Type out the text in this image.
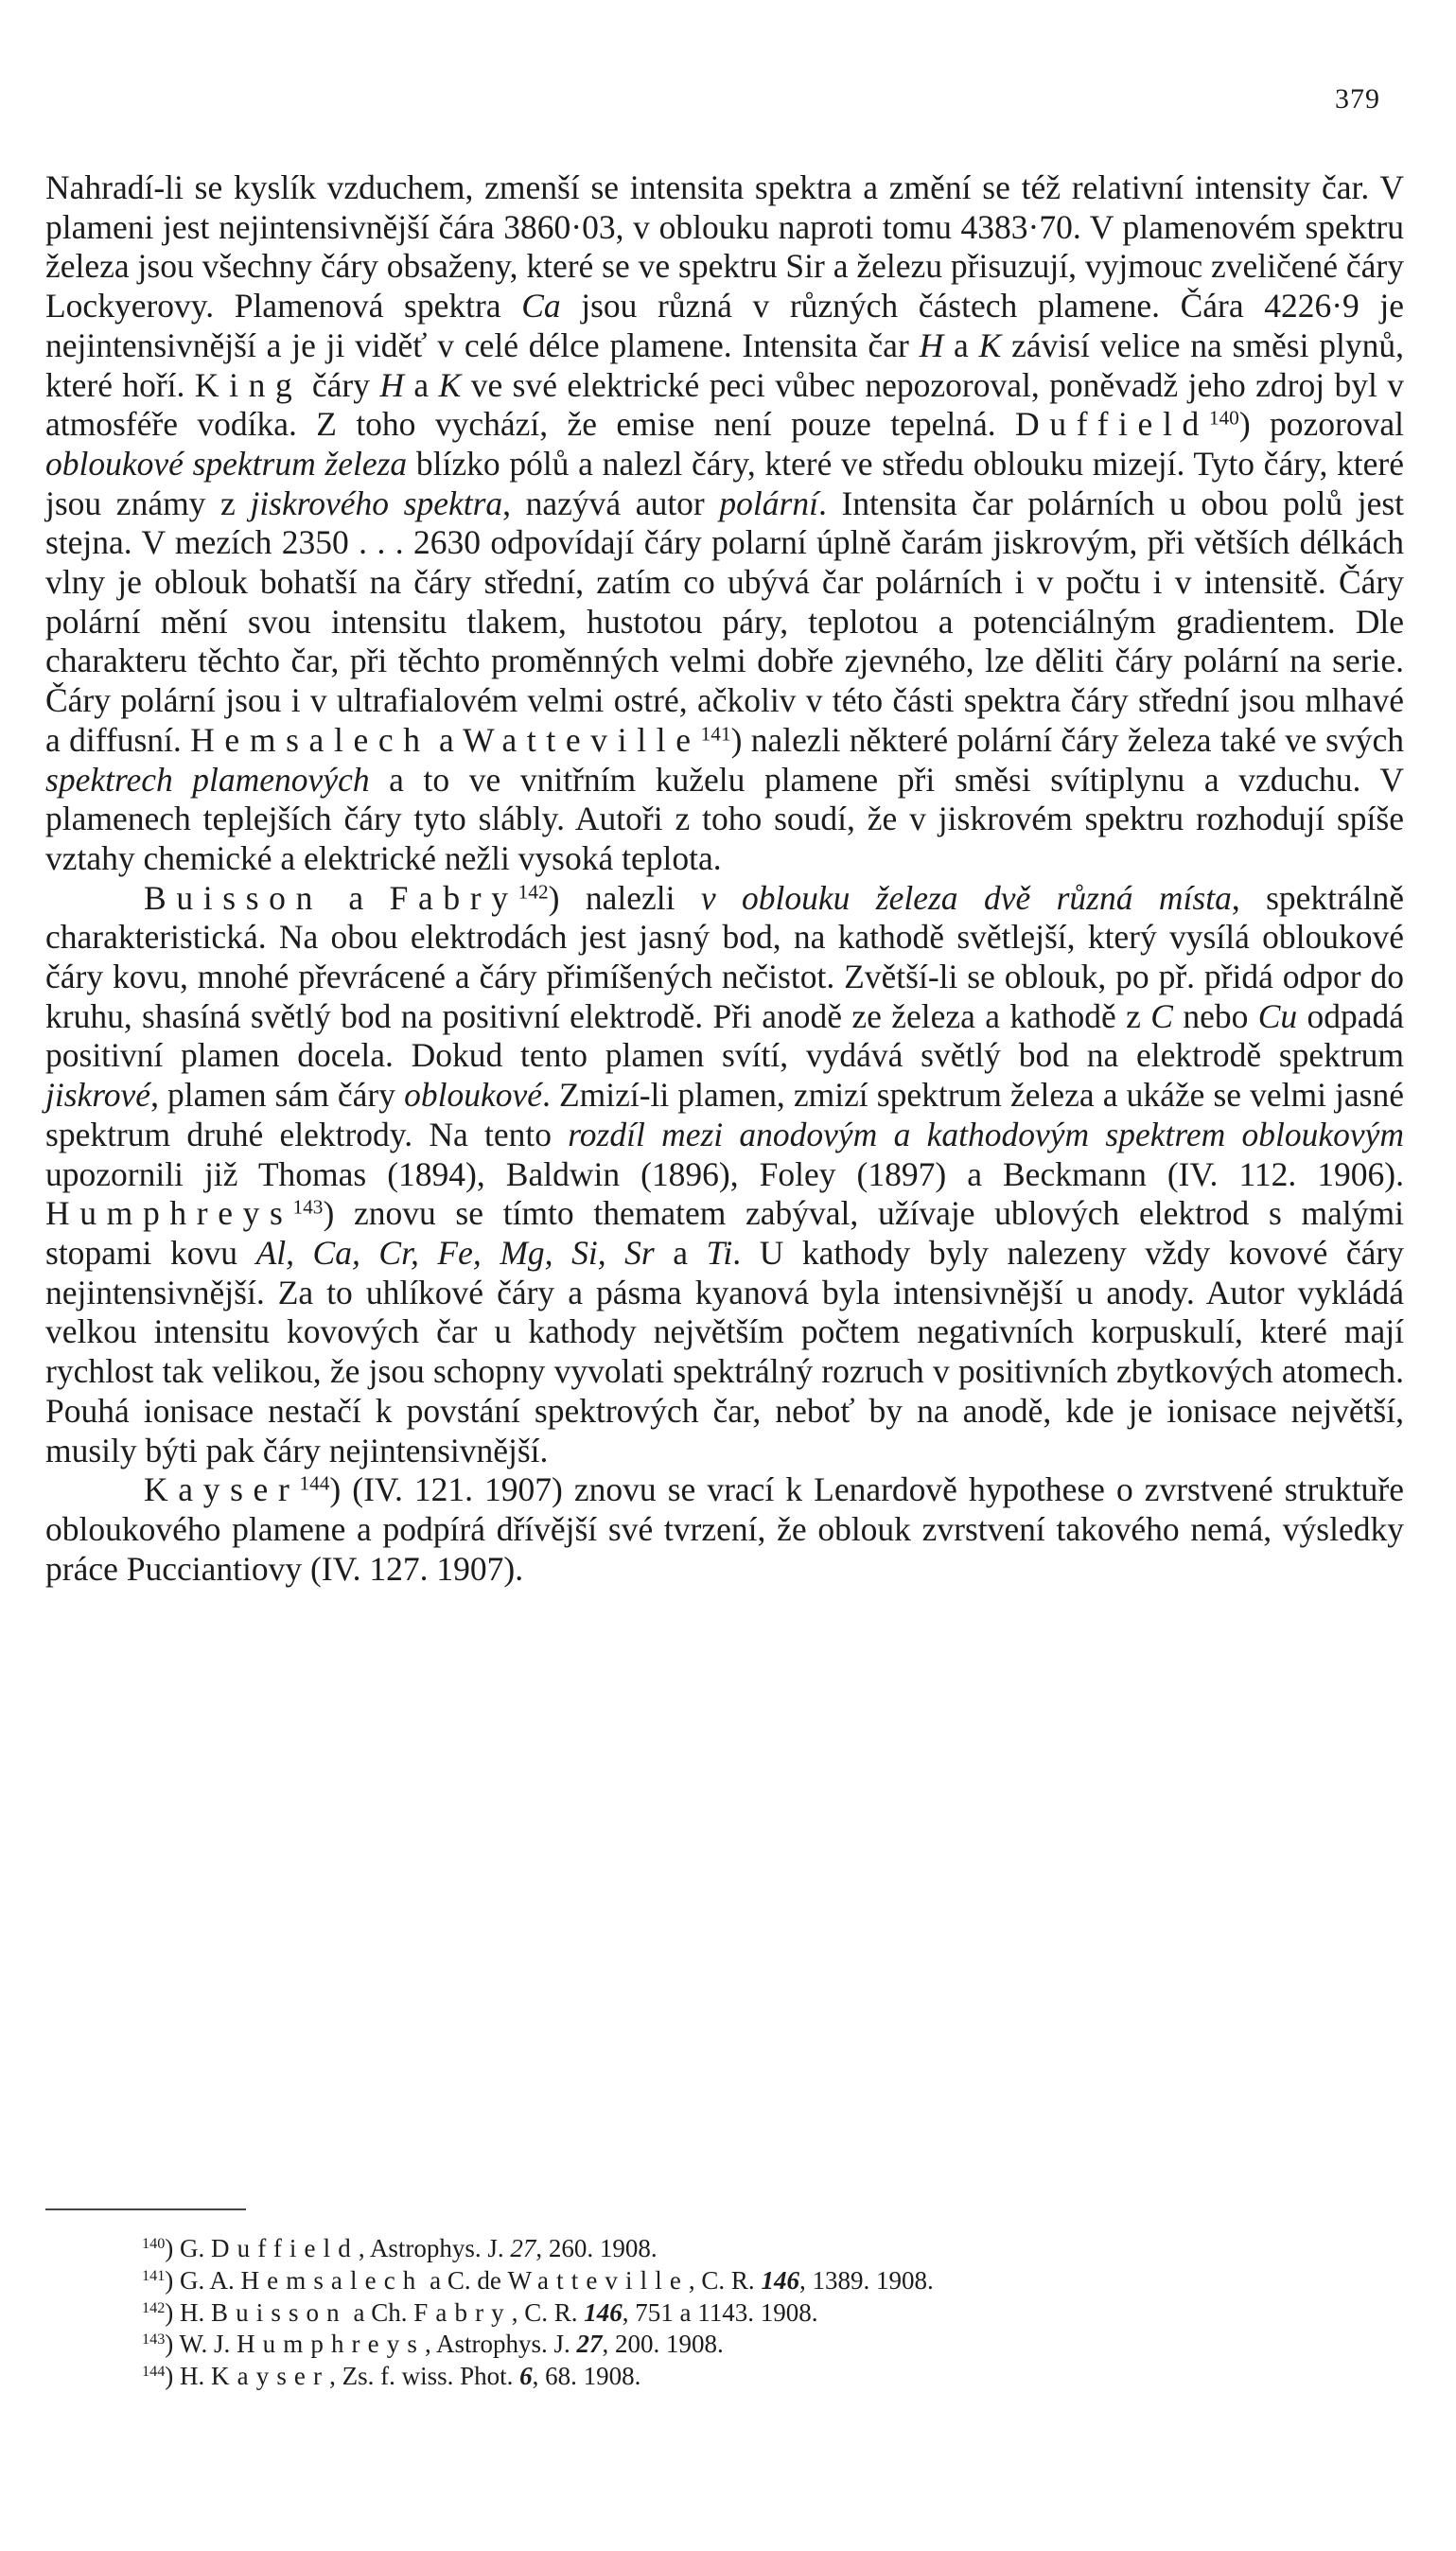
379

Nahradí-li se kyslík vzduchem, zmenší se intensita spektra a změní se též relativní intensity čar. V plameni jest nejintensivnější čára 3860·03, v oblouku naproti tomu 4383·70. V plamenovém spektru železa jsou všechny čáry obsaženy, které se ve spektru Sir a železu přisuzují, vyjmouc zveličené čáry Lockyerovy. Plamenová spektra Ca jsou různá v různých částech plamene. Čára 4226·9 je nejintensivnější a je ji viděť v celé délce plamene. Intensita čar H a K závisí velice na směsi plynů, které hoří. King čáry H a K ve své elektrické peci vůbec nepozoroval, poněvadž jeho zdroj byl v atmosféře vodíka. Z toho vychází, že emise není pouze tepelná. Duffield$^{140}$) pozoroval obloukové spektrum železa blízko pólů a nalezl čáry, které ve středu oblouku mizejí. Tyto čáry, které jsou známy z jiskrového spektra, nazývá autor polární. Intensita čar polárních u obou polů jest stejna. V mezích 2350 . . . 2630 odpovídají čáry polarní úplně čarám jiskrovým, při větších délkách vlny je oblouk bohatší na čáry střední, zatím co ubývá čar polárních i v počtu i v intensitě. Čáry polární mění svou intensitu tlakem, hustotou páry, teplotou a potenciálným gradientem. Dle charakteru těchto čar, při těchto proměnných velmi dobře zjevného, lze děliti čáry polární na serie. Čáry polární jsou i v ultrafialovém velmi ostré, ačkoliv v této části spektra čáry střední jsou mlhavé a diffusní. Hemsalech a Watteville$^{141}$) nalezli některé polární čáry železa také ve svých spektrech plamenových a to ve vnitřním kuželu plamene při směsi svítiplynu a vzduchu. V plamenech teplejších čáry tyto slábly. Autoři z toho soudí, že v jiskrovém spektru rozhodují spíše vztahy chemické a elektrické nežli vysoká teplota.

Buisson a Fabry$^{142}$) nalezli v oblouku železa dvě různá místa, spektrálně charakteristická. Na obou elektrodách jest jasný bod, na kathodě světlejší, který vysílá obloukové čáry kovu, mnohé převrácené a čáry přimíšených nečistot. Zvětší-li se oblouk, po př. přidá odpor do kruhu, shasíná světlý bod na positivní elektrodě. Při anodě ze železa a kathodě z C nebo Cu odpadá positivní plamen docela. Dokud tento plamen svítí, vydává světlý bod na elektrodě spektrum jiskrové, plamen sám čáry obloukové. Zmizí-li plamen, zmizí spektrum železa a ukáže se velmi jasné spektrum druhé elektrody. Na tento rozdíl mezi anodovým a kathodovým spektrem obloukovým upozornili již Thomas (1894), Baldwin (1896), Foley (1897) a Beckmann (IV. 112. 1906). Humphreys$^{143}$) znovu se tímto thematem zabýval, užívaje ublových elektrod s malými stopami kovu Al, Ca, Cr, Fe, Mg, Si, Sr a Ti. U kathody byly nalezeny vždy kovové čáry nejintensivnější. Za to uhlíkové čáry a pásma kyanová byla intensivnější u anody. Autor vykládá velkou intensitu kovových čar u kathody největším počtem negativních korpuskulí, které mají rychlost tak velikou, že jsou schopny vyvolati spektrálný rozruch v positivních zbytkových atomech. Pouhá ionisace nestačí k povstání spektrových čar, neboť by na anodě, kde je ionisace největší, musily býti pak čáry nejintensivnější.

Kayser$^{144}$) (IV. 121. 1907) znovu se vrací k Lenardově hypothese o zvrstvené struktuře obloukového plamene a podpírá dřívější své tvrzení, že oblouk zvrstvení takového nemá, výsledky práce Pucciantiovy (IV. 127. 1907).

$^{140}$) G. Duffield, Astrophys. J. 27, 260. 1908.

$^{141}$) G. A. Hemsalech a C. de Watteville, C. R. 146, 1389. 1908.

$^{142}$) H. Buisson a Ch. Fabry, C. R. 146, 751 a 1143. 1908.

$^{143}$) W. J. Humphreys, Astrophys. J. 27, 200. 1908.

$^{144}$) H. Kayser, Zs. f. wiss. Phot. 6, 68. 1908.
